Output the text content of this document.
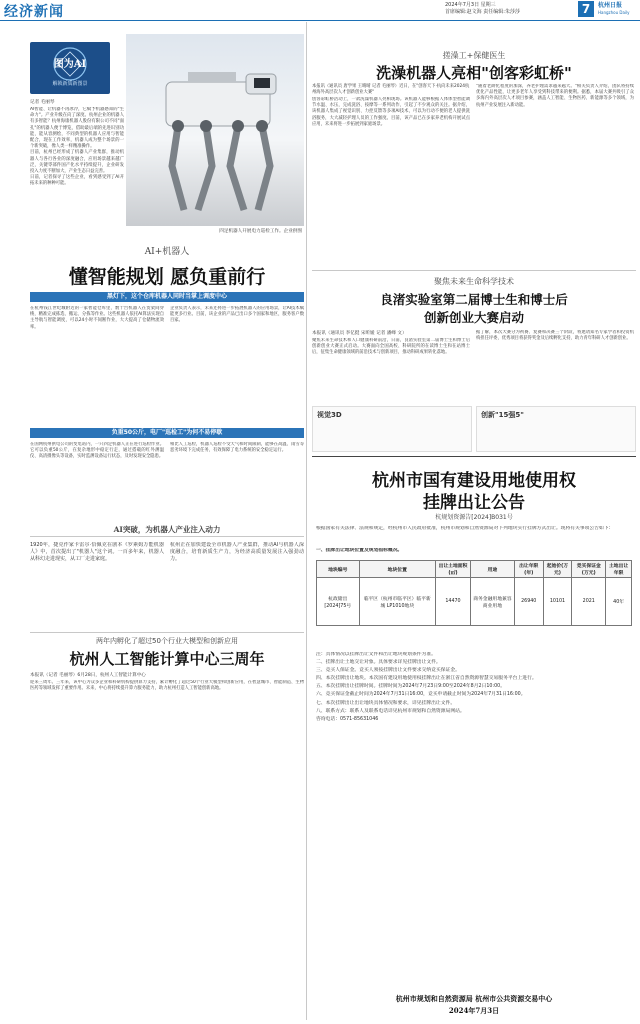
经济新闻	2024年7月3日 星期三
首席编辑:赵文海 责任编辑:朱莎莎	7	杭州日报
Hangzhou Daily
图为AI
解锁新质新图景
记者 毛丽琴
AI智能、让机器不再冰冷，它赋予机器感知的"生命力"。产业升级在向了深度。杭州企业的机器人有多智能？杭州海康机器人股份有限公司不同"面孔"的机器人便于博览，借助最后端的先进识别功能，能从容测绘，不同典型的机器人应用与智能配合，现在工作效率，机器人成为整个场景的一个新突破，像人类一样精准操作。
目前，杭州已经形成了机器人产业集群，推动机器人与各行各业的深度融合，应用场景越来越广泛，关键零部件国产化水平持续提升，企业研发投入力度不断加大，产业生态日益完善。
日前，记者探寻了这些企业，看到感受到了AI开拓未来的种种可能。
四足机器人开展电力巡检工作。企业供图
AI+机器人
懂智能规划 愿负重前行
黑灯下，这个仓库机器人同时当掌上调度中心
在杭州钱江世纪城附近的一家智能仓库里，数十台机器人在货架间穿梭，精准完成拣选、搬运、分拣等作业。这些机器人依托AI算法实现自主导航与智能调度，可以24小时不间断作业，大大提高了仓储物流效率。
企业负责人表示，未来还将进一步拓展机器人的应用场景，让AI技术赋能更多行业。目前，该企业的产品已出口多个国家和地区，服务客户数百家。
负重50公斤，电厂"巡检工"为何不易停歇
在国网杭州供电公司的变电站内，一只四足机器人正在进行巡检作业。它可以负重50公斤，在复杂地形中稳定行走，通过搭载的红外测温仪、高清摄像头等设备，实时监测设备运行状态，及时发现安全隐患。
相比人工巡检，机器人巡检不受天气和时间限制，能够在高温、雨雪等恶劣环境下完成任务，有效保障了电力系统的安全稳定运行。
AI突破，为机器人产业注入动力
1920年，捷克作家卡雷尔·恰佩克在剧本《罗素姆万能机器人》中，首次提出了"机器人"这个词。一百多年来，机器人从科幻走进现实，从工厂走进家庭。
杭州正在加快建设全市机器人产业集群，推动AI与机器人深度融合，培育新质生产力，为经济高质量发展注入强劲动力。
两年内孵化了超过50个行业大模型和创新应用
杭州人工智能计算中心三周年
本报讯（记者 毛丽琴）6月28日，杭州人工智能计算中心
迎来三周年。三年来，该中心为众多企业和科研机构提供算力支持，累计孵化了超过50个行业大模型和创新应用，在智慧城市、智能制造、生物医药等领域发挥了重要作用。未来，中心将持续提升算力服务能力，助力杭州打造人工智能创新高地。
搓澡工+保健医生
洗澡机器人亮相"创客彩虹桥"
本报讯（通讯员 唐学果 王晴晴 记者 毛丽琴）近日，在"创客天下·杭向未来2024杭州海外高层次人才创新创业大赛"
创客彩虹桥活动上，一款洗澡机器人亮相现场。该机器人能够根据人体体型智能调节水温、水压，完成洗浴、按摩等一系列动作，引起了不少观众的关注。据介绍，该机器人集成了视觉识别、力控反馈等多项AI技术，可以为行动不便的老人提供洗浴服务，大大减轻护理人员的工作强度。目前，该产品已在多家养老机构开展试点应用，未来将进一步拓展到家庭场景。
"随着老龄化程度的加深，养老护理需求越来越大。"相关负责人介绍，团队将持续优化产品性能，让更多老年人享受到科技带来的便利。据悉，本届大赛共吸引了众多海内外高层次人才项目参赛，涵盖人工智能、生物医药、新能源等多个领域，为杭州产业发展注入新动能。
聚焦未来生命科学技术
良渚实验室第二届博士生和博士后
创新创业大赛启动
本报讯（通讯员 李亿挺 宋昕媛 记者 潘峰 文）
聚焦未来生命技术和人口健康科研前沿，日前，良渚实验室第二届博士生和博士后创新创业大赛正式启动。大赛面向全国高校、科研院所的在读博士生和在站博士后，征集生命健康领域的前沿技术与创新项目，推动科研成果转化落地。
据了解，本次大赛分为初赛、复赛和决赛三个阶段，将邀请知名专家学者和投资机构担任评委，优秀项目将获得奖金及后续孵化支持，助力青年科研人才创新创业。
视觉3D	创新"15强5"
杭州市国有建设用地使用权
挂牌出让公告
杭规划资源告[2024]B031号
根据国家有关法律、法规和规定，经杭州市人民政府批准，杭州市规划和自然资源局对下列地块实行挂牌方式出让。现将有关事项公告如下：
一、挂牌出让地块位置及规划指标概况。
地块编号	地块位置	出让土地面积(㎡)	用途	出让年限(年)	起始价(万元)	竞买保证金(万元)	土地出让年限
杭政储出[2024]75号	临平区（杭州市临平区）临平新城 LP1010地块	14470	商务金融用地兼容商业用地	26940	10101	2021	40年

注：具体情况以挂牌出让文件和出让地块规划条件为准。

二、挂牌出让土地交让对象。具体要求详见挂牌出让文件。

三、竞买人保证金。竞买人须按挂牌出让文件要求交纳竞买保证金。

四、本次挂牌出让地块。本次国有建设用地使用权挂牌出让在浙江省自然资源智慧交易服务平台上进行。

五、本次挂牌出让挂牌时间。挂牌时间为2024年7月23日9:00至2024年8月2日10:00。

六、竞买保证金截止时间为2024年7月31日16:00，竞买申请截止时间为2024年7月31日16:00。

七、本次挂牌出让出让地块具体情况和要求，详见挂牌出让文件。

八、联系方式：联系人及联系电话详见杭州市规划和自然资源局网站。

咨询电话：0571-85631046

杭州市规划和自然资源局 杭州市公共资源交易中心
2024年7月3日
